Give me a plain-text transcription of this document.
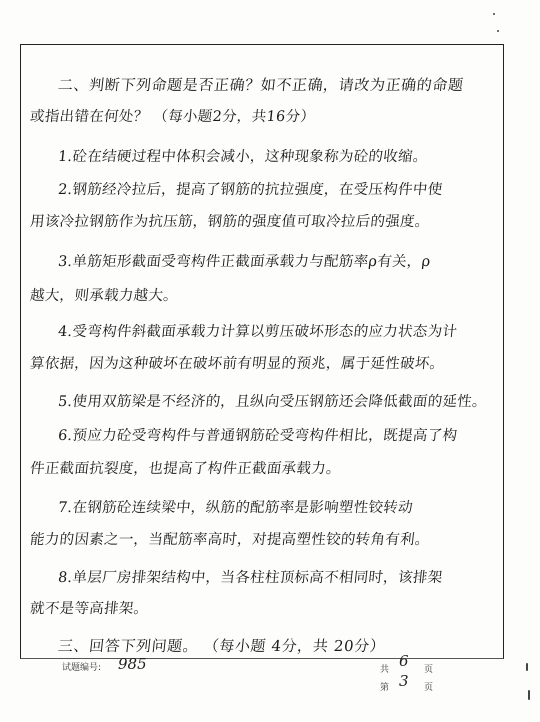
二、判断下列命题是否正确？如不正确，请改为正确的命题
或指出错在何处？ （每小题2分，共16分）
1.砼在结硬过程中体积会减小，这种现象称为砼的收缩。
2.钢筋经冷拉后，提高了钢筋的抗拉强度，在受压构件中使
用该冷拉钢筋作为抗压筋，钢筋的强度值可取冷拉后的强度。
3.单筋矩形截面受弯构件正截面承载力与配筋率ρ有关，ρ
越大，则承载力越大。
4.受弯构件斜截面承载力计算以剪压破坏形态的应力状态为计
算依据，因为这种破坏在破坏前有明显的预兆，属于延性破坏。
5.使用双筋梁是不经济的，且纵向受压钢筋还会降低截面的延性。
6.预应力砼受弯构件与普通钢筋砼受弯构件相比，既提高了构
件正截面抗裂度，也提高了构件正截面承载力。
7.在钢筋砼连续梁中，纵筋的配筋率是影响塑性铰转动
能力的因素之一，当配筋率高时，对提高塑性铰的转角有利。
8.单层厂房排架结构中，当各柱柱顶标高不相同时，该排架
就不是等高排架。
三、回答下列问题。 （每小题 4分，共 20分）
试题编号: 985	共 6 页
第 3 页
